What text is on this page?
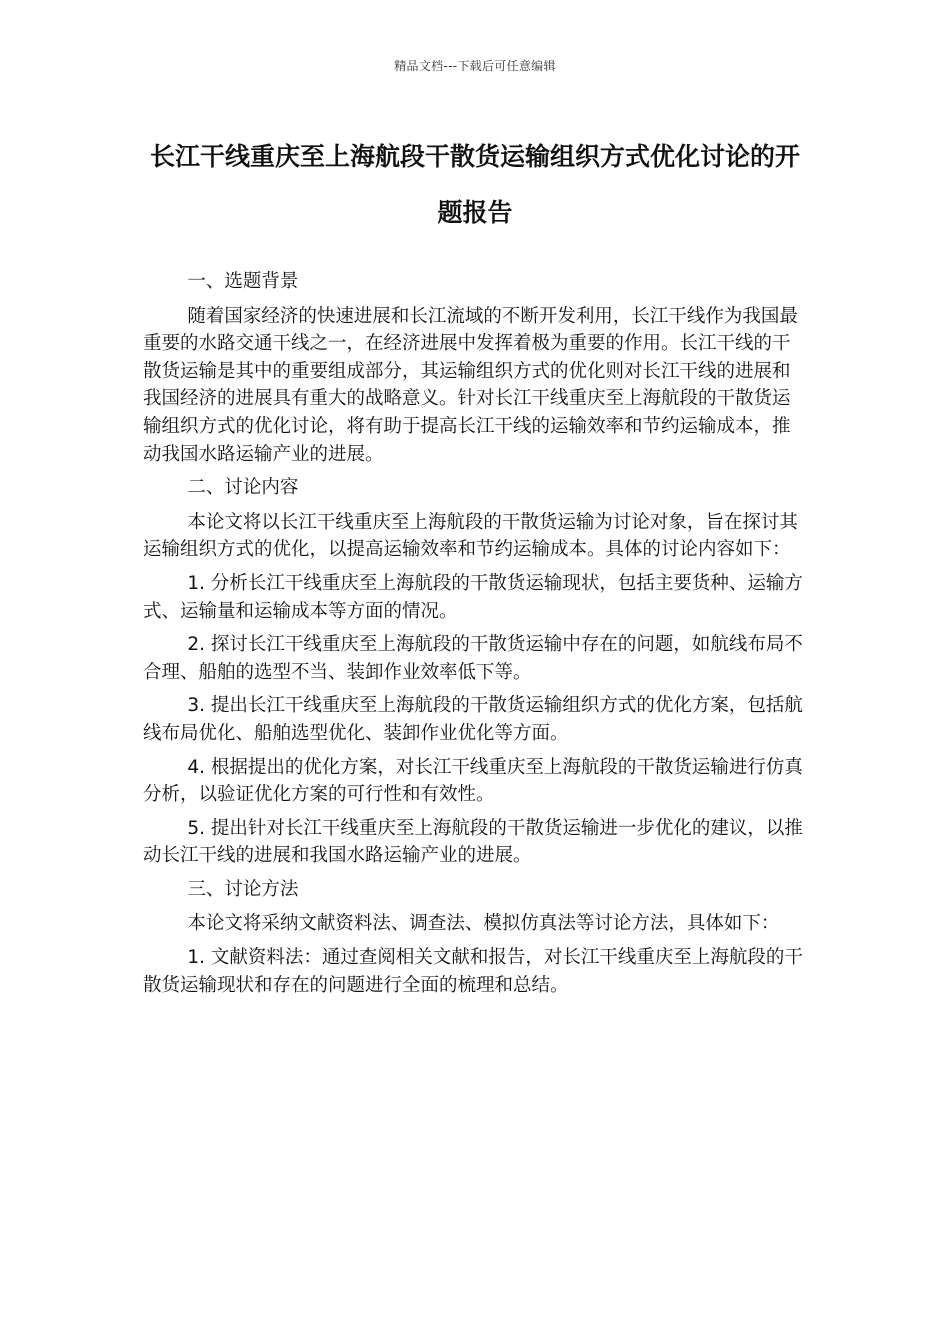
精品文档---下载后可任意编辑
长江干线重庆至上海航段干散货运输组织方式优化讨论的开题报告

一、选题背景

随着国家经济的快速进展和长江流域的不断开发利用，长江干线作为我国最重要的水路交通干线之一，在经济进展中发挥着极为重要的作用。长江干线的干散货运输是其中的重要组成部分，其运输组织方式的优化则对长江干线的进展和我国经济的进展具有重大的战略意义。针对长江干线重庆至上海航段的干散货运输组织方式的优化讨论，将有助于提高长江干线的运输效率和节约运输成本，推动我国水路运输产业的进展。

二、讨论内容

本论文将以长江干线重庆至上海航段的干散货运输为讨论对象，旨在探讨其运输组织方式的优化，以提高运输效率和节约运输成本。具体的讨论内容如下：

1. 分析长江干线重庆至上海航段的干散货运输现状，包括主要货种、运输方式、运输量和运输成本等方面的情况。

2. 探讨长江干线重庆至上海航段的干散货运输中存在的问题，如航线布局不合理、船舶的选型不当、装卸作业效率低下等。

3. 提出长江干线重庆至上海航段的干散货运输组织方式的优化方案，包括航线布局优化、船舶选型优化、装卸作业优化等方面。

4. 根据提出的优化方案，对长江干线重庆至上海航段的干散货运输进行仿真分析，以验证优化方案的可行性和有效性。

5. 提出针对长江干线重庆至上海航段的干散货运输进一步优化的建议，以推动长江干线的进展和我国水路运输产业的进展。

三、讨论方法

本论文将采纳文献资料法、调查法、模拟仿真法等讨论方法，具体如下：

1. 文献资料法：通过查阅相关文献和报告，对长江干线重庆至上海航段的干散货运输现状和存在的问题进行全面的梳理和总结。
